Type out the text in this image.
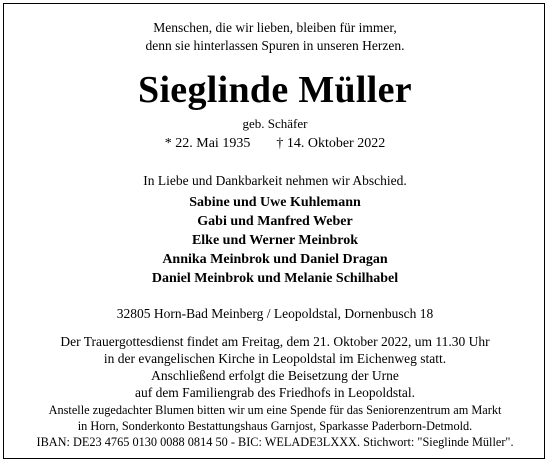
Menschen, die wir lieben, bleiben für immer,
denn sie hinterlassen Spuren in unseren Herzen.
Sieglinde Müller
geb. Schäfer
* 22. Mai 1935 † 14. Oktober 2022
In Liebe und Dankbarkeit nehmen wir Abschied.
Sabine und Uwe Kuhlemann
Gabi und Manfred Weber
Elke und Werner Meinbrok
Annika Meinbrok und Daniel Dragan
Daniel Meinbrok und Melanie Schilhabel
32805 Horn-Bad Meinberg / Leopoldstal, Dornenbusch 18
Der Trauergottesdienst findet am Freitag, dem 21. Oktober 2022, um 11.30 Uhr
in der evangelischen Kirche in Leopoldstal im Eichenweg statt.
Anschließend erfolgt die Beisetzung der Urne
auf dem Familiengrab des Friedhofs in Leopoldstal.
Anstelle zugedachter Blumen bitten wir um eine Spende für das Seniorenzentrum am Markt
in Horn, Sonderkonto Bestattungshaus Garnjost, Sparkasse Paderborn-Detmold.
IBAN: DE23 4765 0130 0088 0814 50 - BIC: WELADE3LXXX. Stichwort: "Sieglinde Müller".
